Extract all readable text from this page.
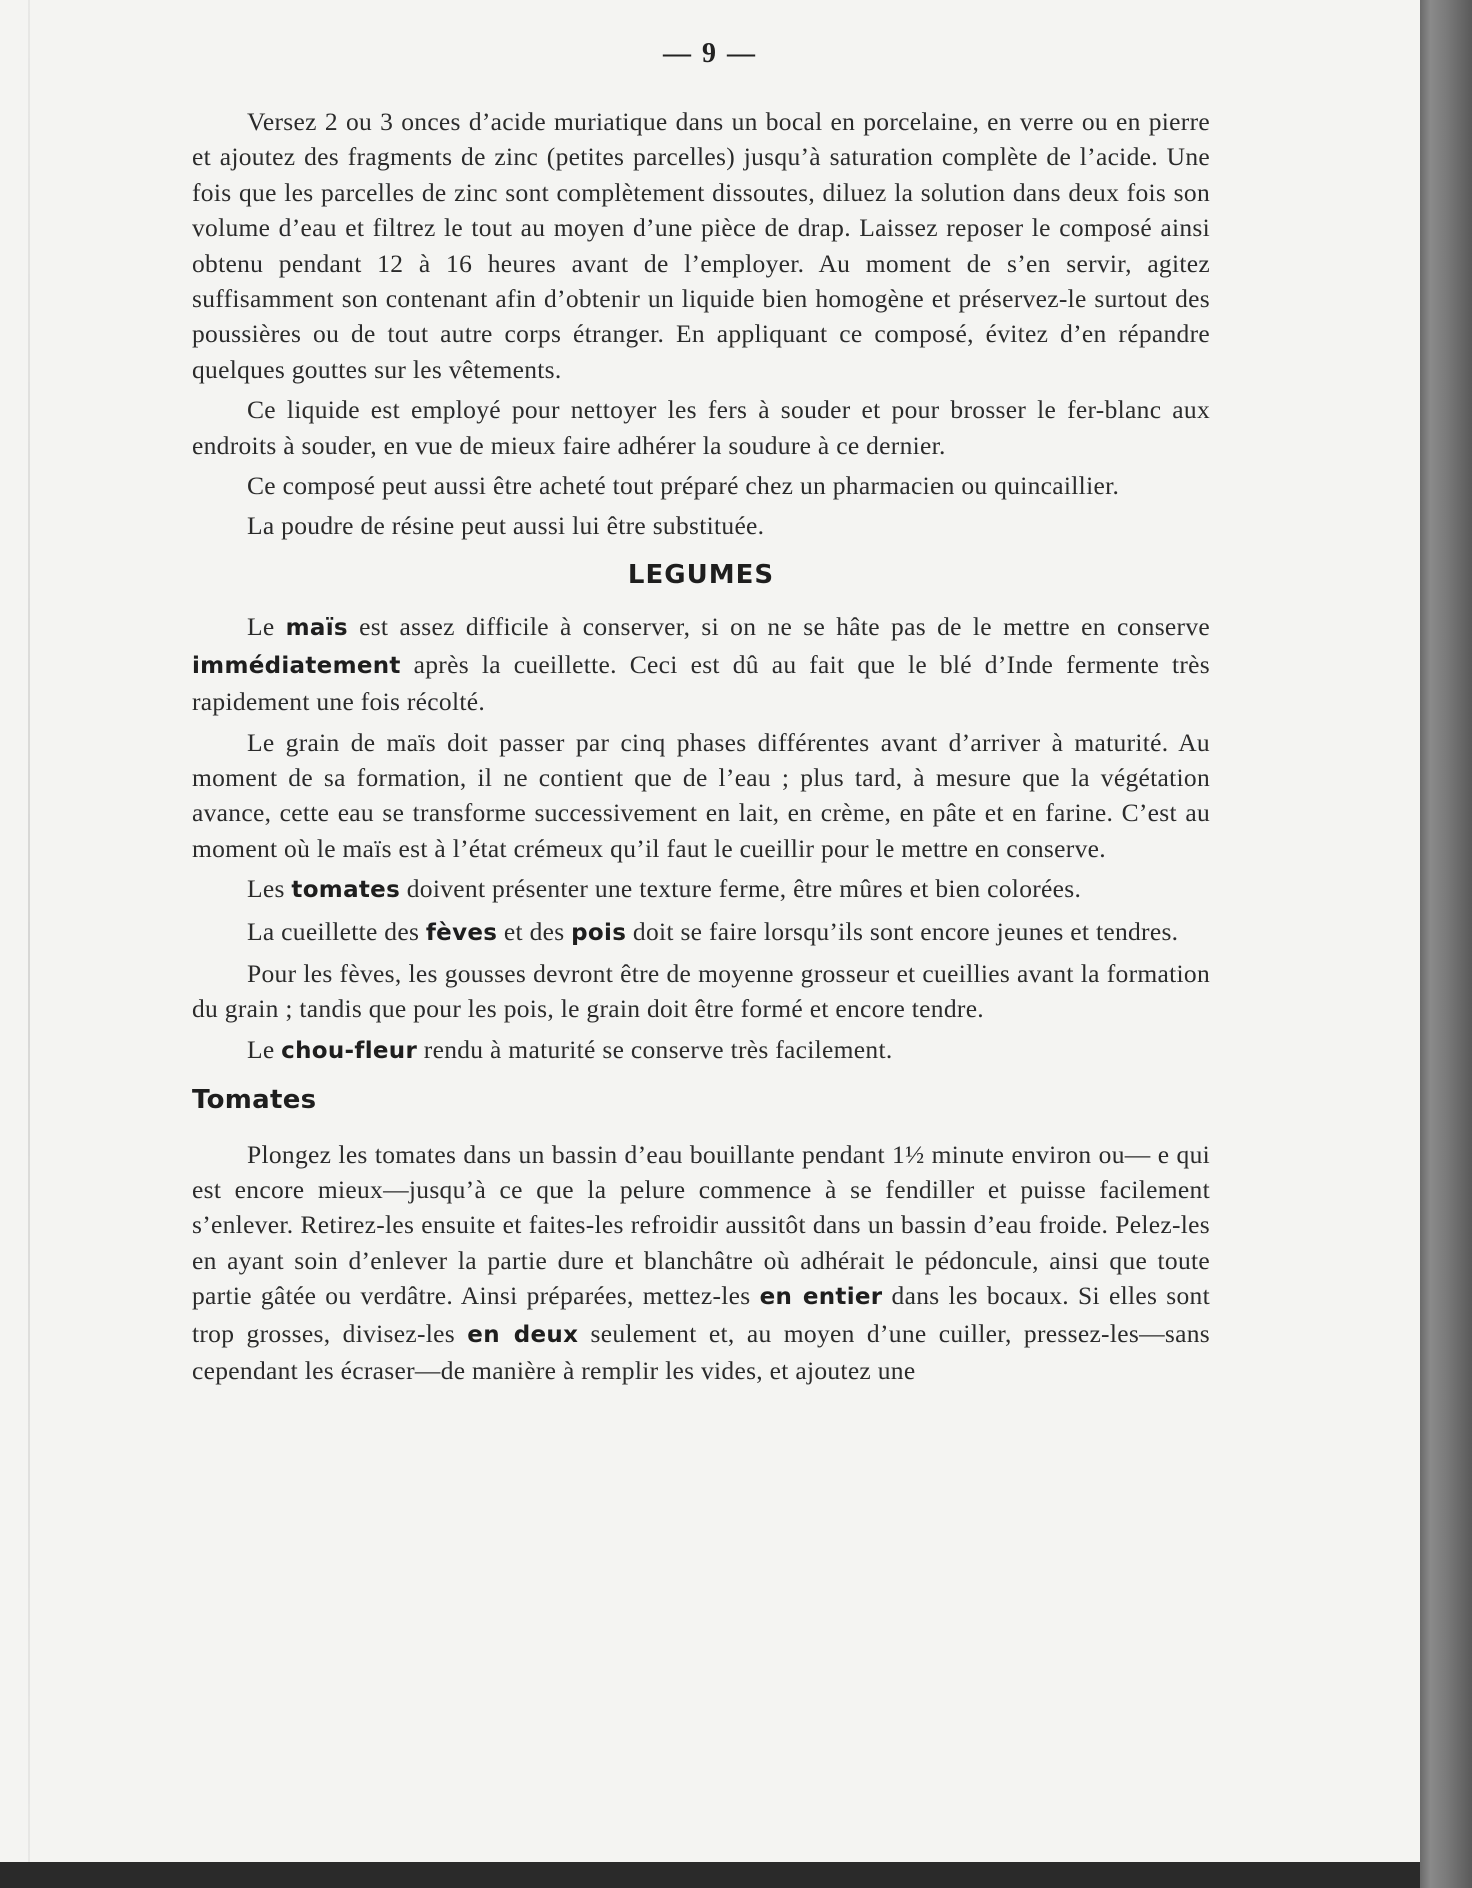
— 9 —

Versez 2 ou 3 onces d’acide muriatique dans un bocal en porcelaine, en verre ou en pierre et ajoutez des fragments de zinc (petites parcelles) jusqu’à saturation complète de l’acide. Une fois que les parcelles de zinc sont complètement dissoutes, diluez la solution dans deux fois son volume d’eau et filtrez le tout au moyen d’une pièce de drap. Laissez reposer le composé ainsi obtenu pendant 12 à 16 heures avant de l’employer. Au moment de s’en servir, agitez suffisamment son contenant afin d’obtenir un liquide bien homogène et préservez-le surtout des poussières ou de tout autre corps étranger. En appliquant ce composé, évitez d’en répandre quelques gouttes sur les vêtements.

Ce liquide est employé pour nettoyer les fers à souder et pour brosser le fer-blanc aux endroits à souder, en vue de mieux faire adhérer la soudure à ce dernier.

Ce composé peut aussi être acheté tout préparé chez un pharmacien ou quincaillier.

La poudre de résine peut aussi lui être substituée.

LEGUMES

Le maïs est assez difficile à conserver, si on ne se hâte pas de le mettre en conserve immédiatement après la cueillette. Ceci est dû au fait que le blé d’Inde fermente très rapidement une fois récolté.

Le grain de maïs doit passer par cinq phases différentes avant d’arriver à maturité. Au moment de sa formation, il ne contient que de l’eau ; plus tard, à mesure que la végétation avance, cette eau se transforme successivement en lait, en crème, en pâte et en farine. C’est au moment où le maïs est à l’état crémeux qu’il faut le cueillir pour le mettre en conserve.

Les tomates doivent présenter une texture ferme, être mûres et bien colorées.

La cueillette des fèves et des pois doit se faire lorsqu’ils sont encore jeunes et tendres.

Pour les fèves, les gousses devront être de moyenne grosseur et cueillies avant la formation du grain ; tandis que pour les pois, le grain doit être formé et encore tendre.

Le chou-fleur rendu à maturité se conserve très facilement.

Tomates

Plongez les tomates dans un bassin d’eau bouillante pendant 1½ minute environ ou— e qui est encore mieux—jusqu’à ce que la pelure commence à se fendiller et puisse facilement s’enlever. Retirez-les ensuite et faites-les refroidir aussitôt dans un bassin d’eau froide. Pelez-les en ayant soin d’enlever la partie dure et blanchâtre où adhérait le pédoncule, ainsi que toute partie gâtée ou verdâtre. Ainsi préparées, mettez-les en entier dans les bocaux. Si elles sont trop grosses, divisez-les en deux seulement et, au moyen d’une cuiller, pressez-les—sans cependant les écraser—de manière à remplir les vides, et ajoutez une
